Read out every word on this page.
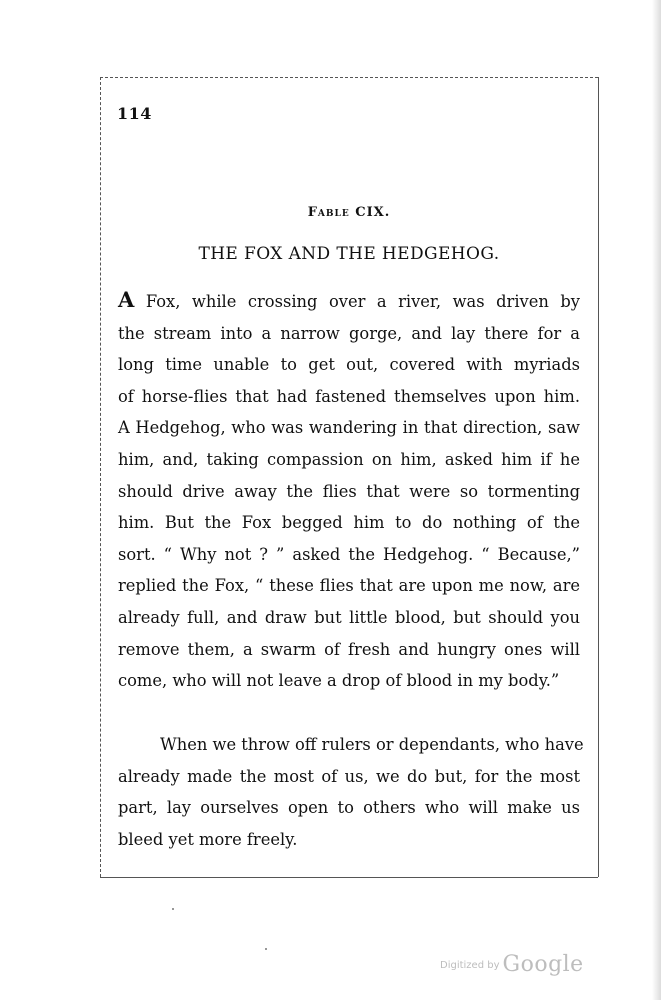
114
Fable CIX.
THE FOX AND THE HEDGEHOG.
A Fox, while crossing over a river, was driven by
the stream into a narrow gorge, and lay there for a
long time unable to get out, covered with myriads
of horse-flies that had fastened themselves upon him.
A Hedgehog, who was wandering in that direction, saw
him, and, taking compassion on him, asked him if he
should drive away the flies that were so tormenting
him. But the Fox begged him to do nothing of the
sort. “ Why not ? ” asked the Hedgehog. “ Because,”
replied the Fox, “ these flies that are upon me now, are
already full, and draw but little blood, but should you
remove them, a swarm of fresh and hungry ones will
come, who will not leave a drop of blood in my body.”
When we throw off rulers or dependants, who have
already made the most of us, we do but, for the most
part, lay ourselves open to others who will make us
bleed yet more freely.
Digitized by Google
